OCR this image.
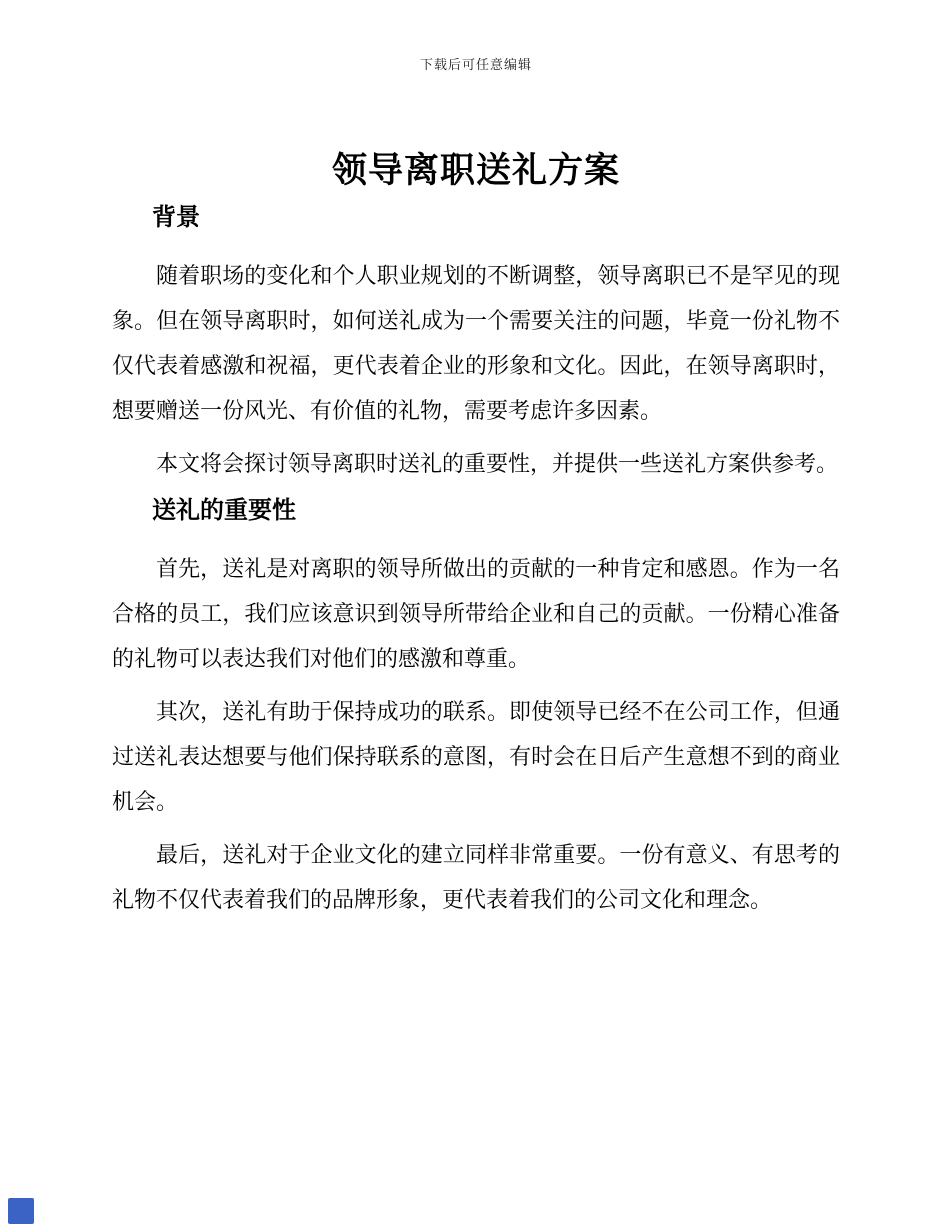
下载后可任意编辑
领导离职送礼方案
背景

随着职场的变化和个人职业规划的不断调整，领导离职已不是罕见的现象。但在领导离职时，如何送礼成为一个需要关注的问题，毕竟一份礼物不仅代表着感激和祝福，更代表着企业的形象和文化。因此，在领导离职时，想要赠送一份风光、有价值的礼物，需要考虑许多因素。

本文将会探讨领导离职时送礼的重要性，并提供一些送礼方案供参考。

送礼的重要性

首先，送礼是对离职的领导所做出的贡献的一种肯定和感恩。作为一名合格的员工，我们应该意识到领导所带给企业和自己的贡献。一份精心准备的礼物可以表达我们对他们的感激和尊重。

其次，送礼有助于保持成功的联系。即使领导已经不在公司工作，但通过送礼表达想要与他们保持联系的意图，有时会在日后产生意想不到的商业机会。

最后，送礼对于企业文化的建立同样非常重要。一份有意义、有思考的礼物不仅代表着我们的品牌形象，更代表着我们的公司文化和理念。
